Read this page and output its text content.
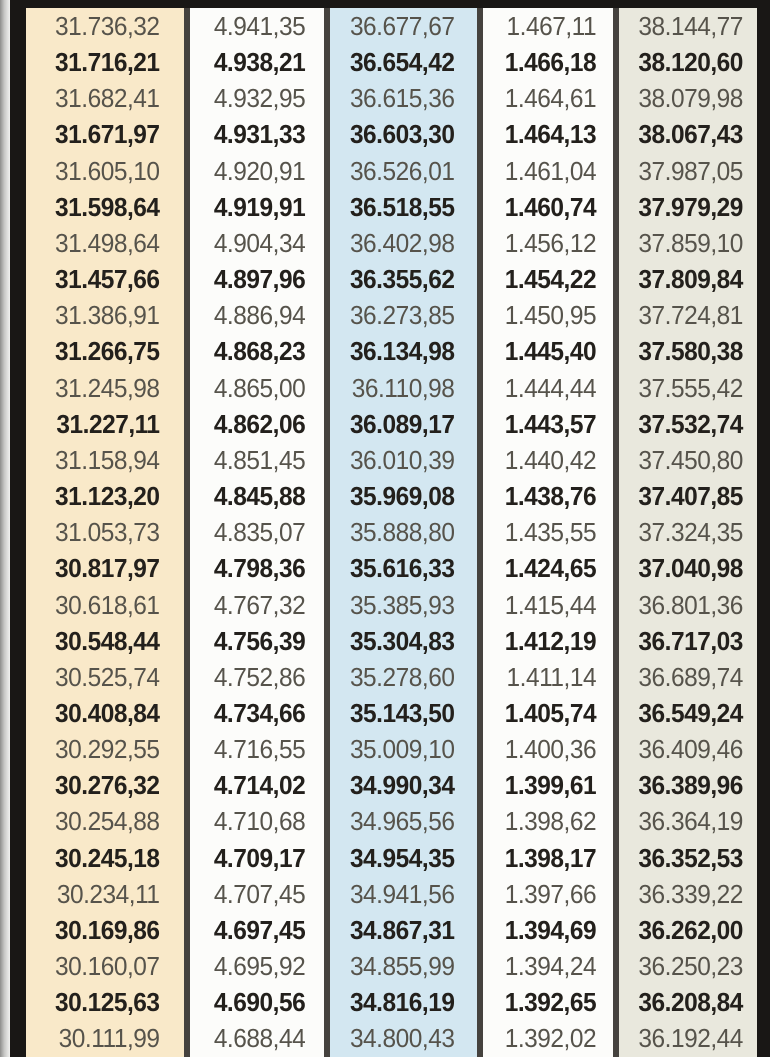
31.736,32
31.716,21
31.682,41
31.671,97
31.605,10
31.598,64
31.498,64
31.457,66
31.386,91
31.266,75
31.245,98
31.227,11
31.158,94
31.123,20
31.053,73
30.817,97
30.618,61
30.548,44
30.525,74
30.408,84
30.292,55
30.276,32
30.254,88
30.245,18
30.234,11
30.169,86
30.160,07
30.125,63
30.111,99
4.941,35
4.938,21
4.932,95
4.931,33
4.920,91
4.919,91
4.904,34
4.897,96
4.886,94
4.868,23
4.865,00
4.862,06
4.851,45
4.845,88
4.835,07
4.798,36
4.767,32
4.756,39
4.752,86
4.734,66
4.716,55
4.714,02
4.710,68
4.709,17
4.707,45
4.697,45
4.695,92
4.690,56
4.688,44
36.677,67
36.654,42
36.615,36
36.603,30
36.526,01
36.518,55
36.402,98
36.355,62
36.273,85
36.134,98
36.110,98
36.089,17
36.010,39
35.969,08
35.888,80
35.616,33
35.385,93
35.304,83
35.278,60
35.143,50
35.009,10
34.990,34
34.965,56
34.954,35
34.941,56
34.867,31
34.855,99
34.816,19
34.800,43
1.467,11
1.466,18
1.464,61
1.464,13
1.461,04
1.460,74
1.456,12
1.454,22
1.450,95
1.445,40
1.444,44
1.443,57
1.440,42
1.438,76
1.435,55
1.424,65
1.415,44
1.412,19
1.411,14
1.405,74
1.400,36
1.399,61
1.398,62
1.398,17
1.397,66
1.394,69
1.394,24
1.392,65
1.392,02
38.144,77
38.120,60
38.079,98
38.067,43
37.987,05
37.979,29
37.859,10
37.809,84
37.724,81
37.580,38
37.555,42
37.532,74
37.450,80
37.407,85
37.324,35
37.040,98
36.801,36
36.717,03
36.689,74
36.549,24
36.409,46
36.389,96
36.364,19
36.352,53
36.339,22
36.262,00
36.250,23
36.208,84
36.192,44
